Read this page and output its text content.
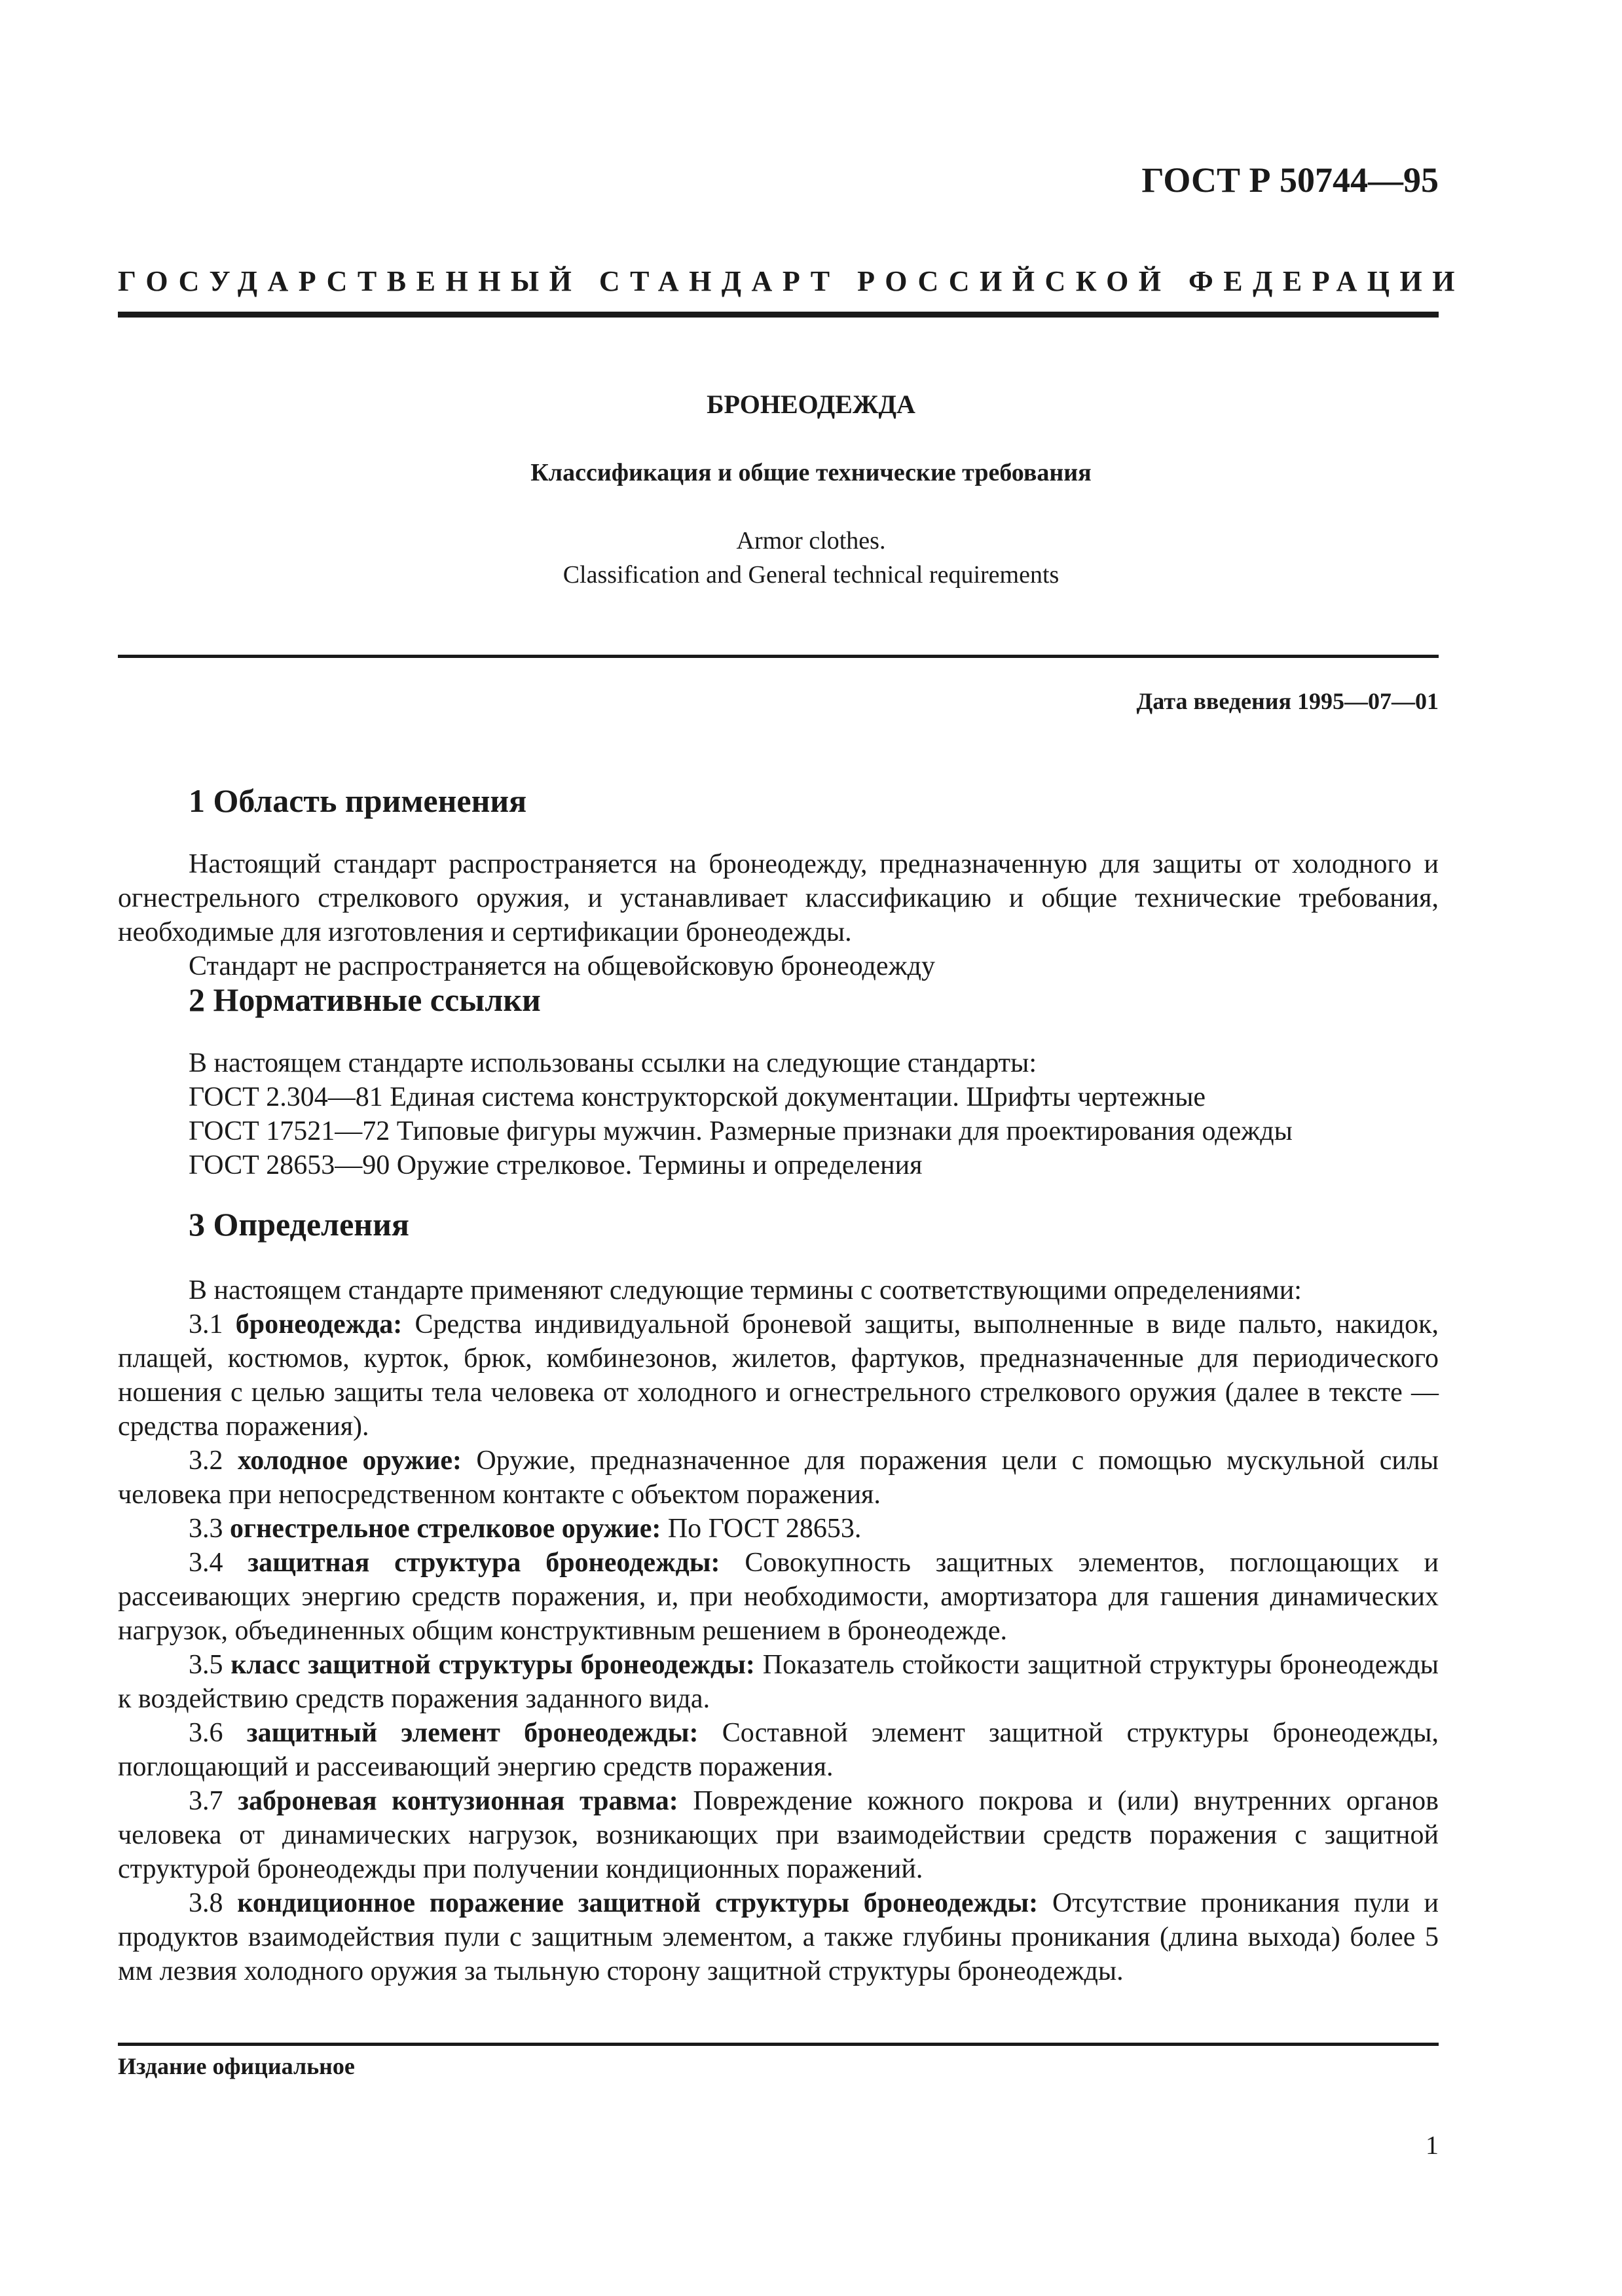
ГОСТ Р 50744—95
ГОСУДАРСТВЕННЫЙ СТАНДАРТ РОССИЙСКОЙ ФЕДЕРАЦИИ
БРОНЕОДЕЖДА
Классификация и общие технические требования
Armor clothes.
Classification and General technical requirements
Дата введения 1995—07—01
1 Область применения

Настоящий стандарт распространяется на бронеодежду, предназначенную для защиты от холодного и огнестрельного стрелкового оружия, и устанавливает классификацию и общие технические требования, необходимые для изготовления и сертификации бронеодежды.

Стандарт не распространяется на общевойсковую бронеодежду

2 Нормативные ссылки
В настоящем стандарте использованы ссылки на следующие стандарты:
ГОСТ 2.304—81 Единая система конструкторской документации. Шрифты чертежные
ГОСТ 17521—72 Типовые фигуры мужчин. Размерные признаки для проектирования одежды
ГОСТ 28653—90 Оружие стрелковое. Термины и определения
3 Определения

В настоящем стандарте применяют следующие термины с соответствующими определениями:

3.1 бронеодежда: Средства индивидуальной броневой защиты, выполненные в виде пальто, накидок, плащей, костюмов, курток, брюк, комбинезонов, жилетов, фартуков, предназначенные для периодического ношения с целью защиты тела человека от холодного и огнестрельного стрелкового оружия (далее в тексте — средства поражения).

3.2 холодное оружие: Оружие, предназначенное для поражения цели с помощью мускульной силы человека при непосредственном контакте с объектом поражения.

3.3 огнестрельное стрелковое оружие: По ГОСТ 28653.

3.4 защитная структура бронеодежды: Совокупность защитных элементов, поглощающих и рассеивающих энергию средств поражения, и, при необходимости, амортизатора для гашения динамических нагрузок, объединенных общим конструктивным решением в бронеодежде.

3.5 класс защитной структуры бронеодежды: Показатель стойкости защитной структуры бронеодежды к воздействию средств поражения заданного вида.

3.6 защитный элемент бронеодежды: Составной элемент защитной структуры бронеодежды, поглощающий и рассеивающий энергию средств поражения.

3.7 заброневая контузионная травма: Повреждение кожного покрова и (или) внутренних органов человека от динамических нагрузок, возникающих при взаимодействии средств поражения с защитной структурой бронеодежды при получении кондиционных поражений.

3.8 кондиционное поражение защитной структуры бронеодежды: Отсутствие проникания пули и продуктов взаимодействия пули с защитным элементом, а также глубины проникания (длина выхода) более 5 мм лезвия холодного оружия за тыльную сторону защитной структуры бронеодежды.

Издание официальное
1
